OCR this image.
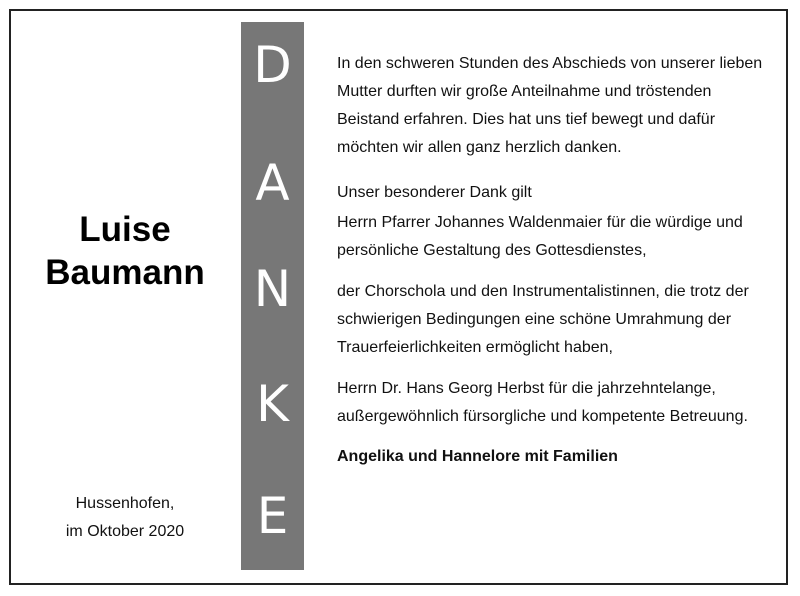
Luise
Baumann
Hussenhofen,
im Oktober 2020
D
A
N
K
E

In den schweren Stunden des Abschieds von unserer lieben Mutter durften wir große Anteilnahme und tröstenden Beistand erfahren. Dies hat uns tief bewegt und dafür möchten wir allen ganz herzlich danken.

Unser besonderer Dank gilt

Herrn Pfarrer Johannes Waldenmaier für die würdige und persönliche Gestaltung des Gottesdienstes,

der Chorschola und den Instrumentalistinnen, die trotz der schwierigen Bedingungen eine schöne Umrahmung der Trauerfeierlichkeiten ermöglicht haben,

Herrn Dr. Hans Georg Herbst für die jahrzehntelange, außergewöhnlich fürsorgliche und kompetente Betreuung.

Angelika und Hannelore mit Familien
